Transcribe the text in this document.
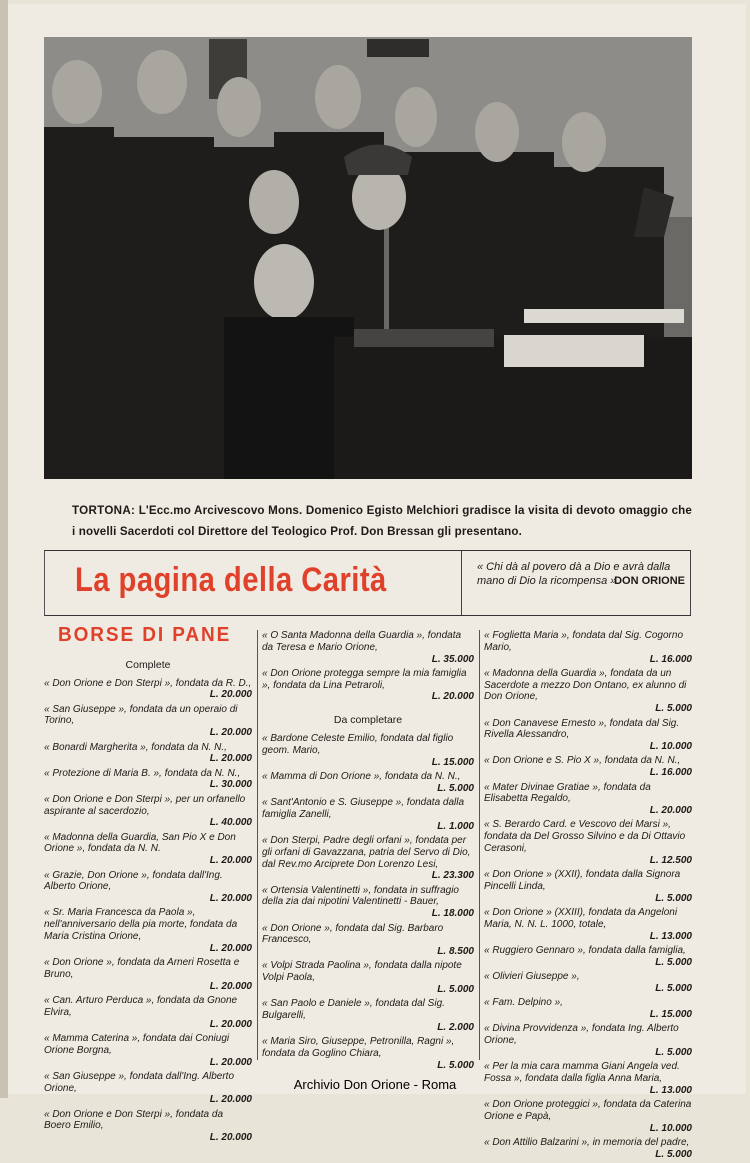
TORTONA: L'Ecc.mo Arcivescovo Mons. Domenico Egisto Melchiori gradisce la visita di devoto omaggio che i novelli Sacerdoti col Direttore del Teologico Prof. Don Bressan gli presentano.
La pagina della Carità	« Chi dà al povero dà a Dio e avrà dalla mano di Dio la ricompensa ».
DON ORIONE
BORSE DI PANE
Complete
« Don Orione e Don Sterpi », fondata da R. D.,
L. 20.000
« San Giuseppe », fondata da un operaio di Torino,
L. 20.000
« Bonardi Margherita », fondata da N. N.,
L. 20.000
« Protezione di Maria B. », fondata da N. N.,
L. 30.000
« Don Orione e Don Sterpi », per un orfanello aspirante al sacerdozio,
L. 40.000
« Madonna della Guardia, San Pio X e Don Orione », fondata da N. N.
L. 20.000
« Grazie, Don Orione », fondata dall'Ing. Alberto Orione,
L. 20.000
« Sr. Maria Francesca da Paola », nell'anniversario della pia morte, fondata da Maria Cristina Orione,
L. 20.000
« Don Orione », fondata da Arneri Rosetta e Bruno,
L. 20.000
« Can. Arturo Perduca », fondata da Gnone Elvira,
L. 20.000
« Mamma Caterina », fondata dai Coniugi Orione Borgna,
L. 20.000
« San Giuseppe », fondata dall'Ing. Alberto Orione,
L. 20.000
« Don Orione e Don Sterpi », fondata da Boero Emilio,
L. 20.000
« O Santa Madonna della Guardia », fondata da Teresa e Mario Orione,
L. 35.000
« Don Orione protegga sempre la mia famiglia », fondata da Lina Petraroli,
L. 20.000
Da completare
« Bardone Celeste Emilio, fondata dal figlio geom. Mario,
L. 15.000
« Mamma di Don Orione », fondata da N. N.,
L. 5.000
« Sant'Antonio e S. Giuseppe », fondata dalla famiglia Zanelli,
L. 1.000
« Don Sterpi, Padre degli orfani », fondata per gli orfani di Gavazzana, patria del Servo di Dio, dal Rev.mo Arciprete Don Lorenzo Lesi,
L. 23.300
« Ortensia Valentinetti », fondata in suffragio della zia dai nipotini Valentinetti - Bauer,
L. 18.000
« Don Orione », fondata dal Sig. Barbaro Francesco,
L. 8.500
« Volpi Strada Paolina », fondata dalla nipote Volpi Paola,
L. 5.000
« San Paolo e Daniele », fondata dal Sig. Bulgarelli,
L. 2.000
« Maria Siro, Giuseppe, Petronilla, Ragni », fondata da Goglino Chiara,
L. 5.000
« Foglietta Maria », fondata dal Sig. Cogorno Mario,
L. 16.000
« Madonna della Guardia », fondata da un Sacerdote a mezzo Don Ontano, ex alunno di Don Orione,
L. 5.000
« Don Canavese Ernesto », fondata dal Sig. Rivella Alessandro,
L. 10.000
« Don Orione e S. Pio X », fondata da N. N.,
L. 16.000
« Mater Divinae Gratiae », fondata da Elisabetta Regaldo,
L. 20.000
« S. Berardo Card. e Vescovo dei Marsi », fondata da Del Grosso Silvino e da Di Ottavio Cerasoni,
L. 12.500
« Don Orione » (XXII), fondata dalla Signora Pincelli Linda,
L. 5.000
« Don Orione » (XXIII), fondata da Angeloni Maria, N. N. L. 1000, totale,
L. 13.000
« Ruggiero Gennaro », fondata dalla famiglia,
L. 5.000
« Olivieri Giuseppe »,
L. 5.000
« Fam. Delpino »,
L. 15.000
« Divina Provvidenza », fondata Ing. Alberto Orione,
L. 5.000
« Per la mia cara mamma Giani Angela ved. Fossa », fondata dalla figlia Anna Maria,
L. 13.000
« Don Orione proteggici », fondata da Caterina Orione e Papà,
L. 10.000
« Don Attilio Balzarini », in memoria del padre,
L. 5.000
Archivio Don Orione - Roma
